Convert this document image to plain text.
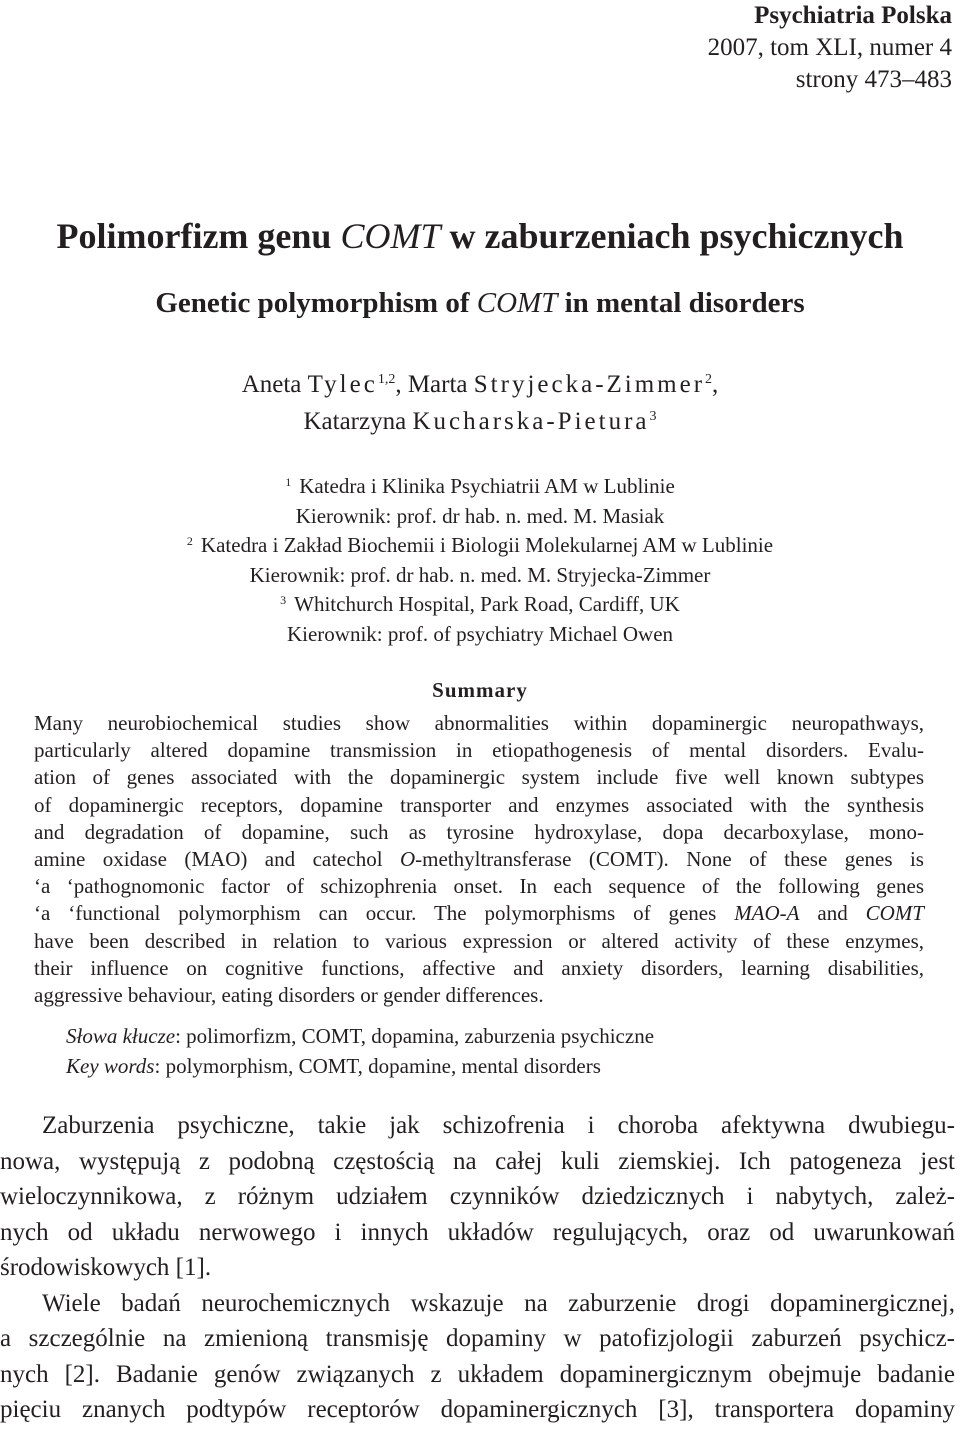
Psychiatria Polska
2007, tom XLI, numer 4
strony 473–483
Polimorfizm genu COMT w zaburzeniach psychicznych
Genetic polymorphism of COMT in mental disorders
Aneta Tylec$^{1,2}$, Marta Stryjecka-Zimmer$^2$,
Katarzyna Kucharska-Pietura$^3$
$^1$ Katedra i Klinika Psychiatrii AM w Lublinie
Kierownik: prof. dr hab. n. med. M. Masiak
$^2$ Katedra i Zakład Biochemii i Biologii Molekularnej AM w Lublinie
Kierownik: prof. dr hab. n. med. M. Stryjecka-Zimmer
$^3$ Whitchurch Hospital, Park Road, Cardiff, UK
Kierownik: prof. of psychiatry Michael Owen
Summary
Many neurobiochemical studies show abnormalities within dopaminergic neuropathways,
particularly altered dopamine transmission in etiopathogenesis of mental disorders. Evalu-
ation of genes associated with the dopaminergic system include five well known subtypes
of dopaminergic receptors, dopamine transporter and enzymes associated with the synthesis
and degradation of dopamine, such as tyrosine hydroxylase, dopa decarboxylase, mono-
amine oxidase (MAO) and catechol O-methyltransferase (COMT). None of these genes is
‘a ‘pathognomonic factor of schizophrenia onset. In each sequence of the following genes
‘a ‘functional polymorphism can occur. The polymorphisms of genes MAO-A and COMT
have been described in relation to various expression or altered activity of these enzymes,
their influence on cognitive functions, affective and anxiety disorders, learning disabilities,
aggressive behaviour, eating disorders or gender differences.
Słowa kłucze: polimorfizm, COMT, dopamina, zaburzenia psychiczne
Key words: polymorphism, COMT, dopamine, mental disorders
Zaburzenia psychiczne, takie jak schizofrenia i choroba afektywna dwubiegu-
nowa, występują z podobną częstością na całej kuli ziemskiej. Ich patogeneza jest
wieloczynnikowa, z różnym udziałem czynników dziedzicznych i nabytych, zależ-
nych od układu nerwowego i innych układów regulujących, oraz od uwarunkowań
środowiskowych [1].
Wiele badań neurochemicznych wskazuje na zaburzenie drogi dopaminergicznej,
a szczególnie na zmienioną transmisję dopaminy w patofizjologii zaburzeń psychicz-
nych [2]. Badanie genów związanych z układem dopaminergicznym obejmuje badanie
pięciu znanych podtypów receptorów dopaminergicznych [3], transportera dopaminy
